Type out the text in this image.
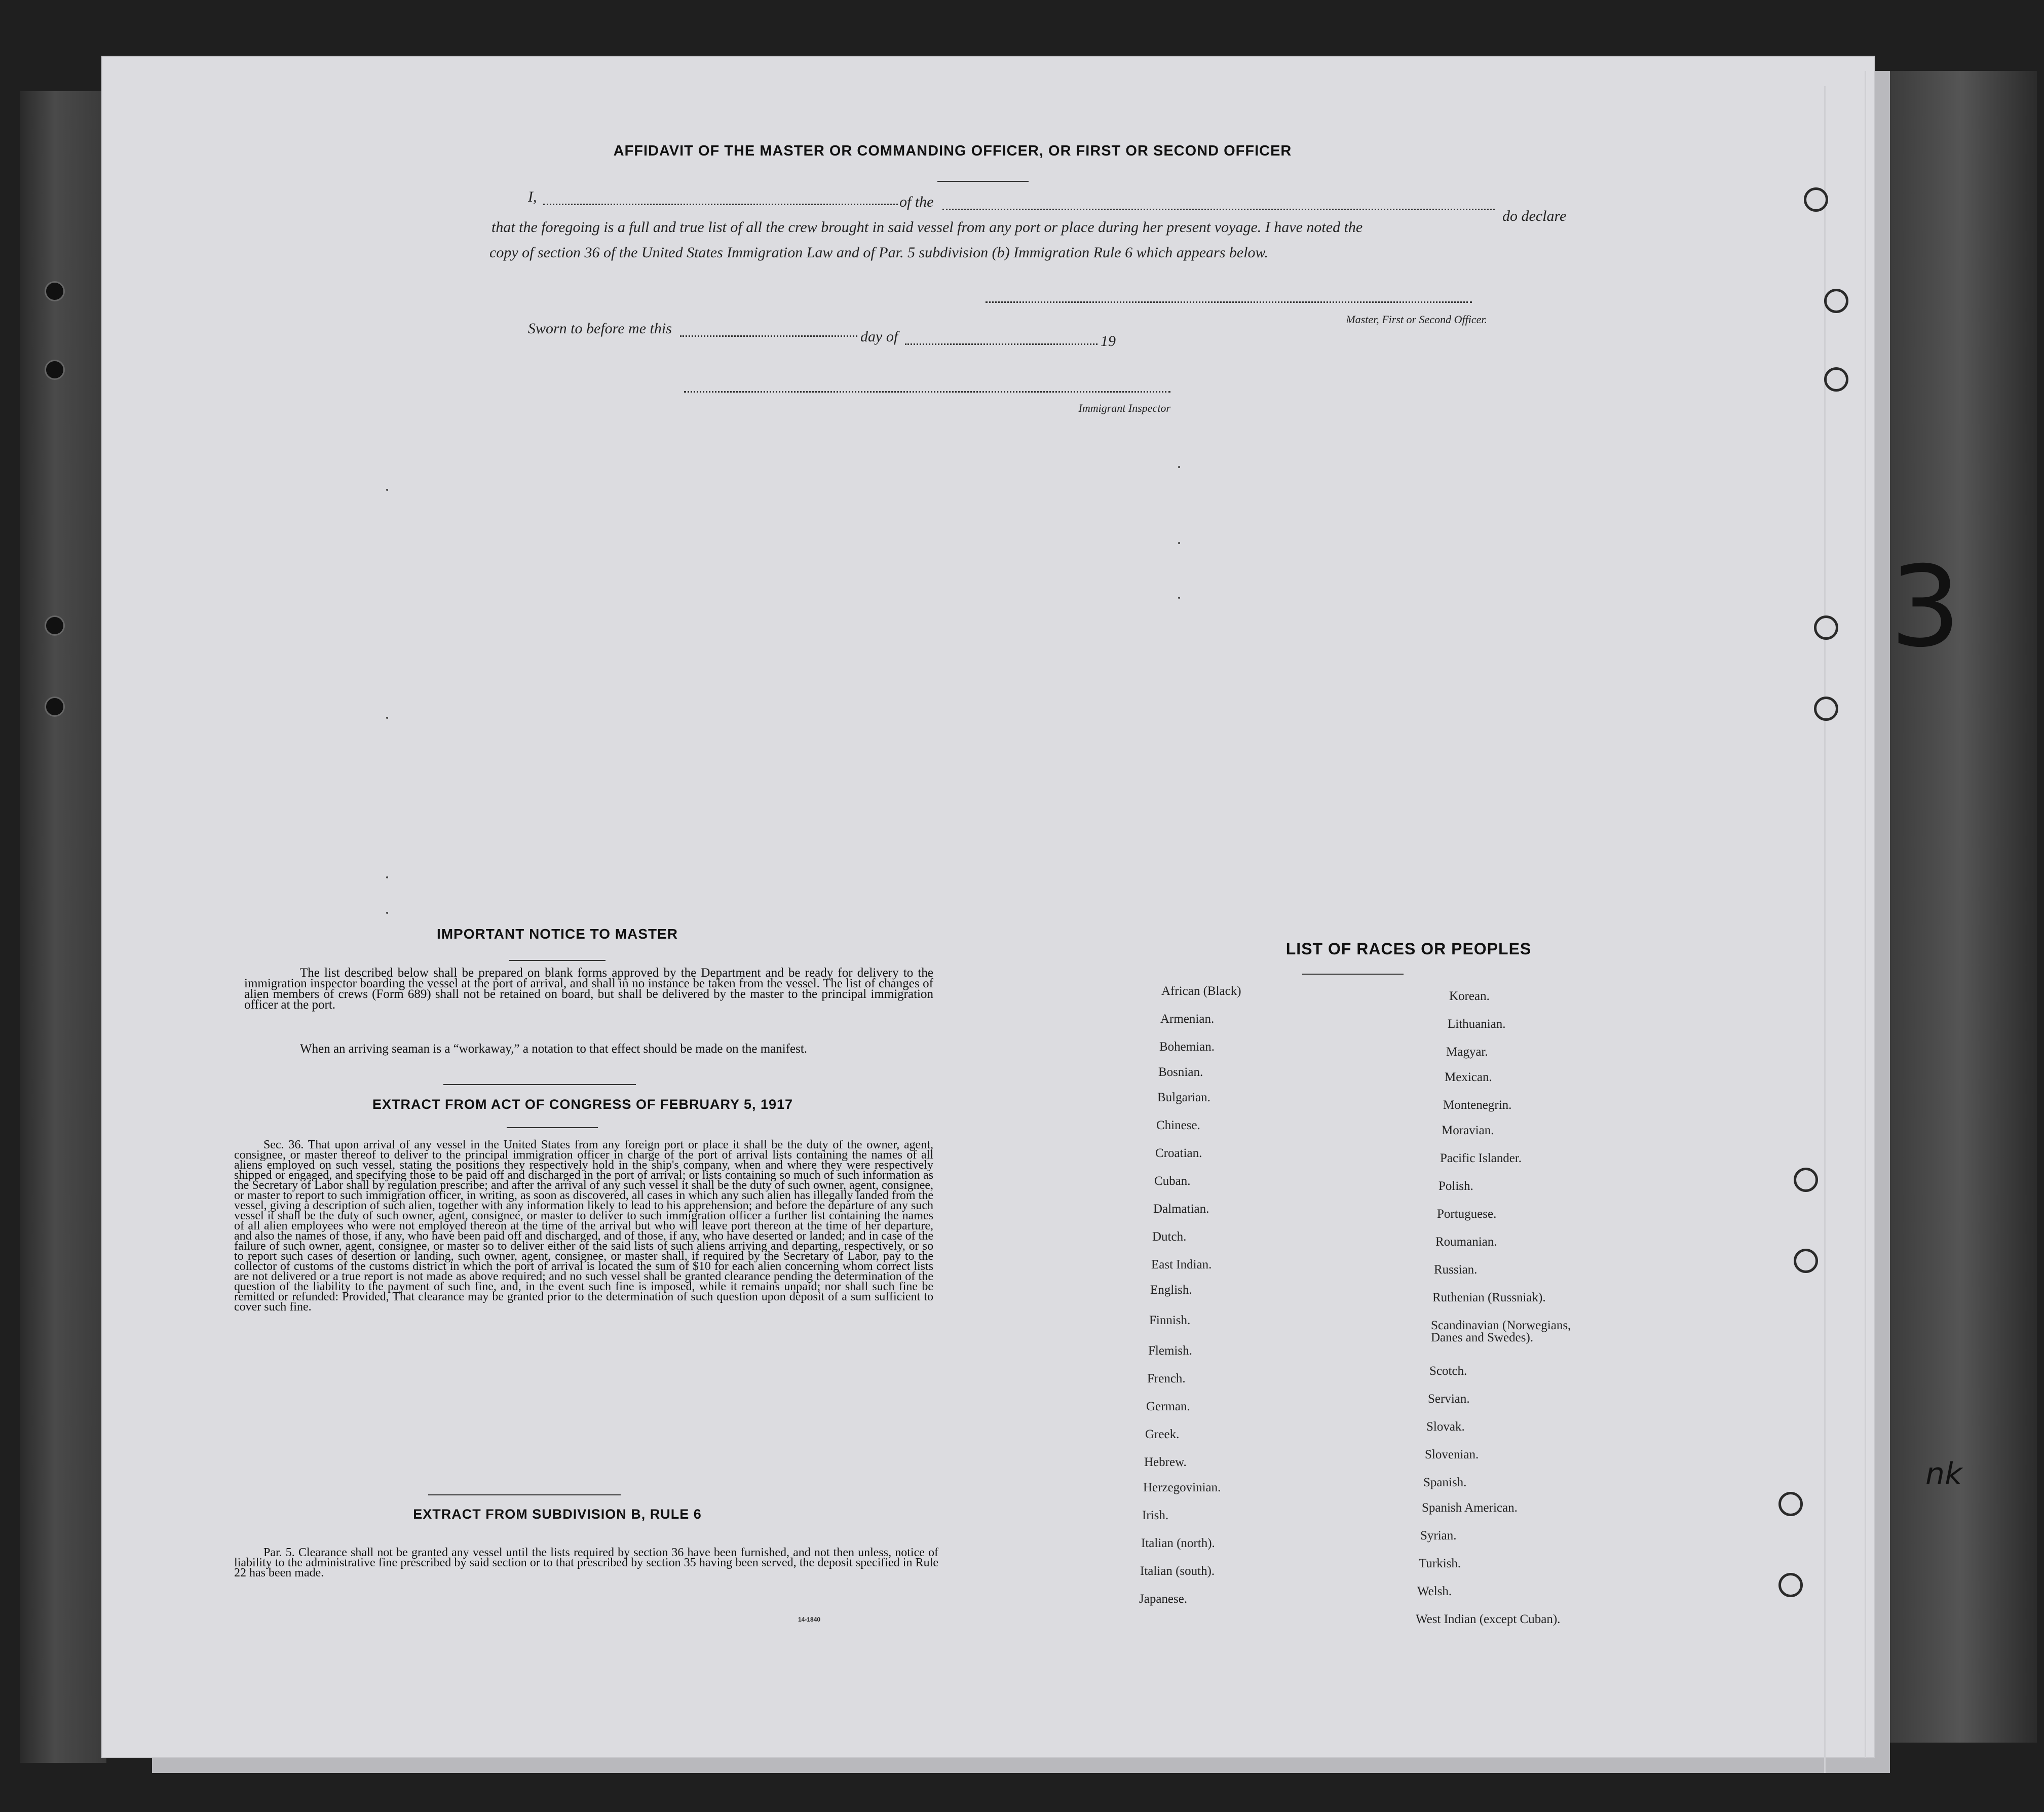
AFFIDAVIT OF THE MASTER OR COMMANDING OFFICER, OR FIRST OR SECOND OFFICER
I,	of the
do declare
that the foregoing is a full and true list of all the crew brought in said vessel from any port or place during her present voyage. I have noted the
copy of section 36 of the United States Immigration Law and of Par. 5 subdivision (b) Immigration Rule 6 which appears below.
Master, First or Second Officer.
Sworn to before me this	day of	19
Immigrant Inspector
IMPORTANT NOTICE TO MASTER
The list described below shall be prepared on blank forms approved by the Department and be ready for delivery to the immigration inspector boarding the vessel at the port of arrival, and shall in no instance be taken from the vessel. The list of changes of alien members of crews (Form 689) shall not be retained on board, but shall be delivered by the master to the principal immigration officer at the port.
When an arriving seaman is a “workaway,” a notation to that effect should be made on the manifest.
EXTRACT FROM ACT OF CONGRESS OF FEBRUARY 5, 1917
Sec. 36. That upon arrival of any vessel in the United States from any foreign port or place it shall be the duty of the owner, agent, consignee, or master thereof to deliver to the principal immigration officer in charge of the port of arrival lists containing the names of all aliens employed on such vessel, stating the positions they respectively hold in the ship's company, when and where they were respectively shipped or engaged, and specifying those to be paid off and discharged in the port of arrival; or lists containing so much of such information as the Secretary of Labor shall by regulation prescribe; and after the arrival of any such vessel it shall be the duty of such owner, agent, consignee, or master to report to such immigration officer, in writing, as soon as discovered, all cases in which any such alien has illegally landed from the vessel, giving a description of such alien, together with any information likely to lead to his apprehension; and before the departure of any such vessel it shall be the duty of such owner, agent, consignee, or master to deliver to such immigration officer a further list containing the names of all alien employees who were not employed thereon at the time of the arrival but who will leave port thereon at the time of her departure, and also the names of those, if any, who have been paid off and discharged, and of those, if any, who have deserted or landed; and in case of the failure of such owner, agent, consignee, or master so to deliver either of the said lists of such aliens arriving and departing, respectively, or so to report such cases of desertion or landing, such owner, agent, consignee, or master shall, if required by the Secretary of Labor, pay to the collector of customs of the customs district in which the port of arrival is located the sum of $10 for each alien concerning whom correct lists are not delivered or a true report is not made as above required; and no such vessel shall be granted clearance pending the determination of the question of the liability to the payment of such fine, and, in the event such fine is imposed, while it remains unpaid; nor shall such fine be remitted or refunded: Provided, That clearance may be granted prior to the determination of such question upon deposit of a sum sufficient to cover such fine.
EXTRACT FROM SUBDIVISION B, RULE 6
Par. 5. Clearance shall not be granted any vessel until the lists required by section 36 have been furnished, and not then unless, notice of liability to the administrative fine prescribed by said section or to that prescribed by section 35 having been served, the deposit specified in Rule 22 has been made.
14-1840
LIST OF RACES OR PEOPLES
African (Black)
Armenian.
Bohemian.
Bosnian.
Bulgarian.
Chinese.
Croatian.
Cuban.
Dalmatian.
Dutch.
East Indian.
English.
Finnish.
Flemish.
French.
German.
Greek.
Hebrew.
Herzegovinian.
Irish.
Italian (north).
Italian (south).
Japanese.
Korean.
Lithuanian.
Magyar.
Mexican.
Montenegrin.
Moravian.
Pacific Islander.
Polish.
Portuguese.
Roumanian.
Russian.
Ruthenian (Russniak).
Scandinavian (Norwegians,
Danes and Swedes).
Scotch.
Servian.
Slovak.
Slovenian.
Spanish.
Spanish American.
Syrian.
Turkish.
Welsh.
West Indian (except Cuban).
3
nk
